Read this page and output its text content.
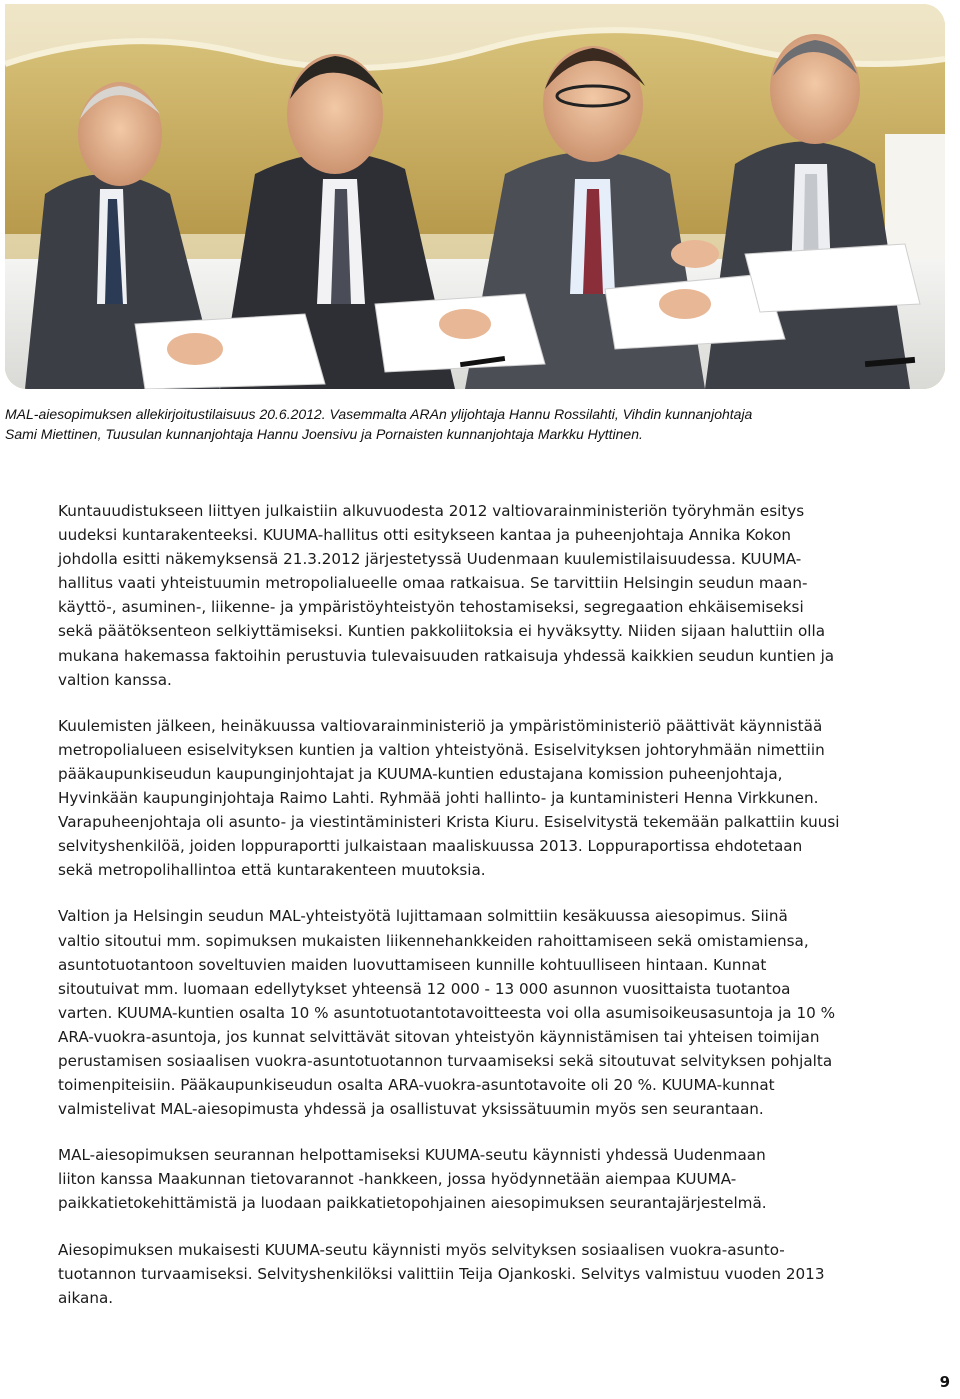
MAL-aiesopimuksen allekirjoitustilaisuus 20.6.2012. Vasemmalta ARAn ylijohtaja Hannu Rossilahti, Vihdin kunnanjohtaja
Sami Miettinen, Tuusulan kunnanjohtaja Hannu Joensivu ja Pornaisten kunnanjohtaja Markku Hyttinen.
Kuntauudistukseen liittyen julkaistiin alkuvuodesta 2012 valtiovarainministeriön työryhmän esitys
uudeksi kuntarakenteeksi. KUUMA-hallitus otti esitykseen kantaa ja puheenjohtaja Annika Kokon
johdolla esitti näkemyksensä 21.3.2012 järjestetyssä Uudenmaan kuulemistilaisuudessa. KUUMA-
hallitus vaati yhteistuumin metropolialueelle omaa ratkaisua. Se tarvittiin Helsingin seudun maan-
käyttö-, asuminen-, liikenne- ja ympäristöyhteistyön tehostamiseksi, segregaation ehkäisemiseksi
sekä päätöksenteon selkiyttämiseksi. Kuntien pakkoliitoksia ei hyväksytty. Niiden sijaan haluttiin olla
mukana hakemassa faktoihin perustuvia tulevaisuuden ratkaisuja yhdessä kaikkien seudun kuntien ja
valtion kanssa.
Kuulemisten jälkeen, heinäkuussa valtiovarainministeriö ja ympäristöministeriö päättivät käynnistää
metropolialueen esiselvityksen kuntien ja valtion yhteistyönä. Esiselvityksen johtoryhmään nimettiin
pääkaupunkiseudun kaupunginjohtajat ja KUUMA-kuntien edustajana komission puheenjohtaja,
Hyvinkään kaupunginjohtaja Raimo Lahti. Ryhmää johti hallinto- ja kuntaministeri Henna Virkkunen.
Varapuheenjohtaja oli asunto- ja viestintäministeri Krista Kiuru. Esiselvitystä tekemään palkattiin kuusi
selvityshenkilöä, joiden loppuraportti julkaistaan maaliskuussa 2013. Loppuraportissa ehdotetaan
sekä metropolihallintoa että kuntarakenteen muutoksia.
Valtion ja Helsingin seudun MAL-yhteistyötä lujittamaan solmittiin kesäkuussa aiesopimus. Siinä
valtio sitoutui mm. sopimuksen mukaisten liikennehankkeiden rahoittamiseen sekä omistamiensa,
asuntotuotantoon soveltuvien maiden luovuttamiseen kunnille kohtuulliseen hintaan. Kunnat
sitoutuivat mm. luomaan edellytykset yhteensä 12 000 - 13 000 asunnon vuosittaista tuotantoa
varten. KUUMA-kuntien osalta 10 % asuntotuotantotavoitteesta voi olla asumisoikeusasuntoja ja 10 %
ARA-vuokra-asuntoja, jos kunnat selvittävät sitovan yhteistyön käynnistämisen tai yhteisen toimijan
perustamisen sosiaalisen vuokra-asuntotuotannon turvaamiseksi sekä sitoutuvat selvityksen pohjalta
toimenpiteisiin. Pääkaupunkiseudun osalta ARA-vuokra-asuntotavoite oli 20 %. KUUMA-kunnat
valmistelivat MAL-aiesopimusta yhdessä ja osallistuvat yksissätuumin myös sen seurantaan.
MAL-aiesopimuksen seurannan helpottamiseksi KUUMA-seutu käynnisti yhdessä Uudenmaan
liiton kanssa Maakunnan tietovarannot -hankkeen, jossa hyödynnetään aiempaa KUUMA-
paikkatietokehittämistä ja luodaan paikkatietopohjainen aiesopimuksen seurantajärjestelmä.
Aiesopimuksen mukaisesti KUUMA-seutu käynnisti myös selvityksen sosiaalisen vuokra-asunto-
tuotannon turvaamiseksi. Selvityshenkilöksi valittiin Teija Ojankoski. Selvitys valmistuu vuoden 2013
aikana.
9
